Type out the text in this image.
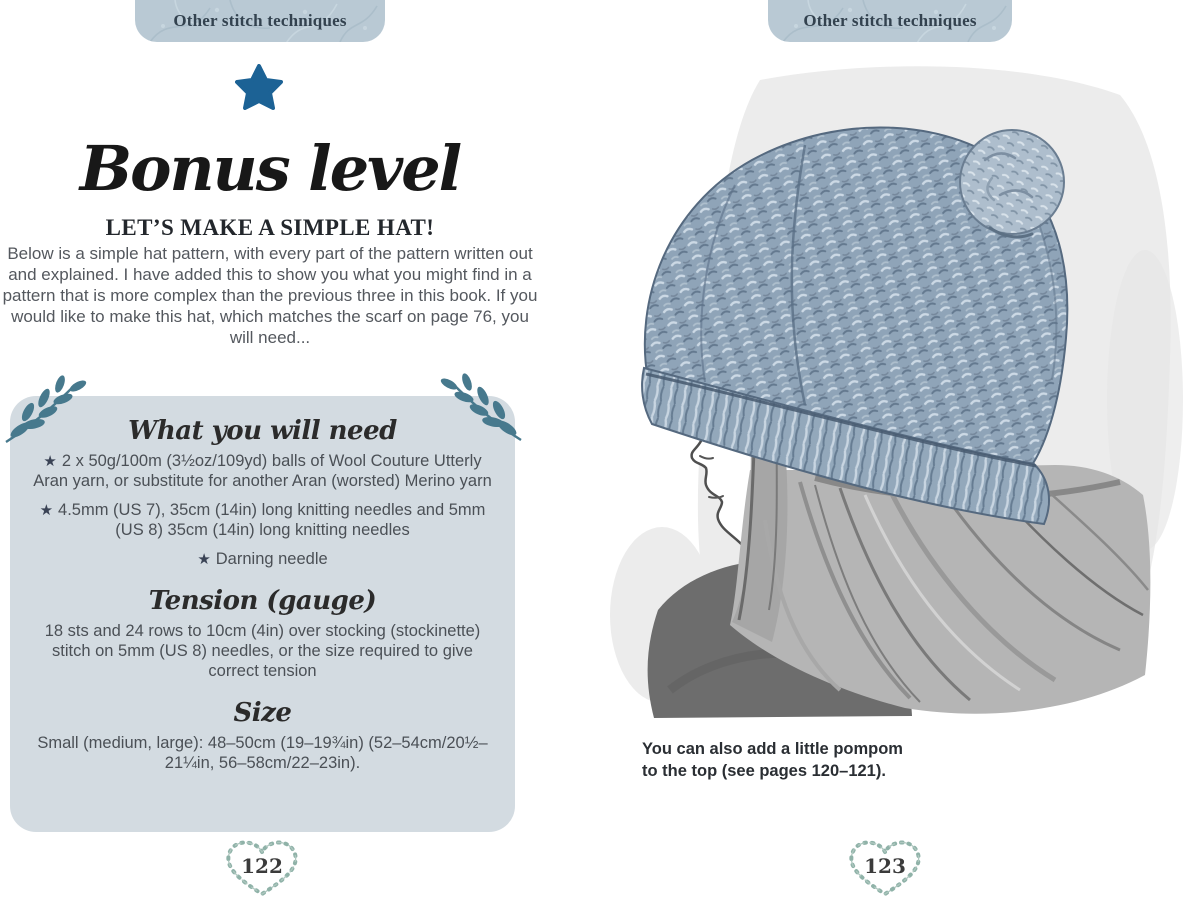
Other stitch techniques
Bonus level
LET’S MAKE A SIMPLE HAT!

Below is a simple hat pattern, with every part of the pattern written out and explained. I have added this to show you what you might find in a pattern that is more complex than the previous three in this book. If you would like to make this hat, which matches the scarf on page 76, you will need...

What you will need

★ 2 x 50g/100m (3½oz/109yd) balls of Wool Couture Utterly Aran yarn, or substitute for another Aran (worsted) Merino yarn

★ 4.5mm (US 7), 35cm (14in) long knitting needles and 5mm (US 8) 35cm (14in) long knitting needles

★ Darning needle

Tension (gauge)

18 sts and 24 rows to 10cm (4in) over stocking (stockinette) stitch on 5mm (US 8) needles, or the size required to give correct tension

Size

Small (medium, large): 48–50cm (19–19¾in) (52–54cm/20½–21¼in, 56–58cm/22–23in).

122
Other stitch techniques

You can also add a little pompom
to the top (see pages 120–121).

123
